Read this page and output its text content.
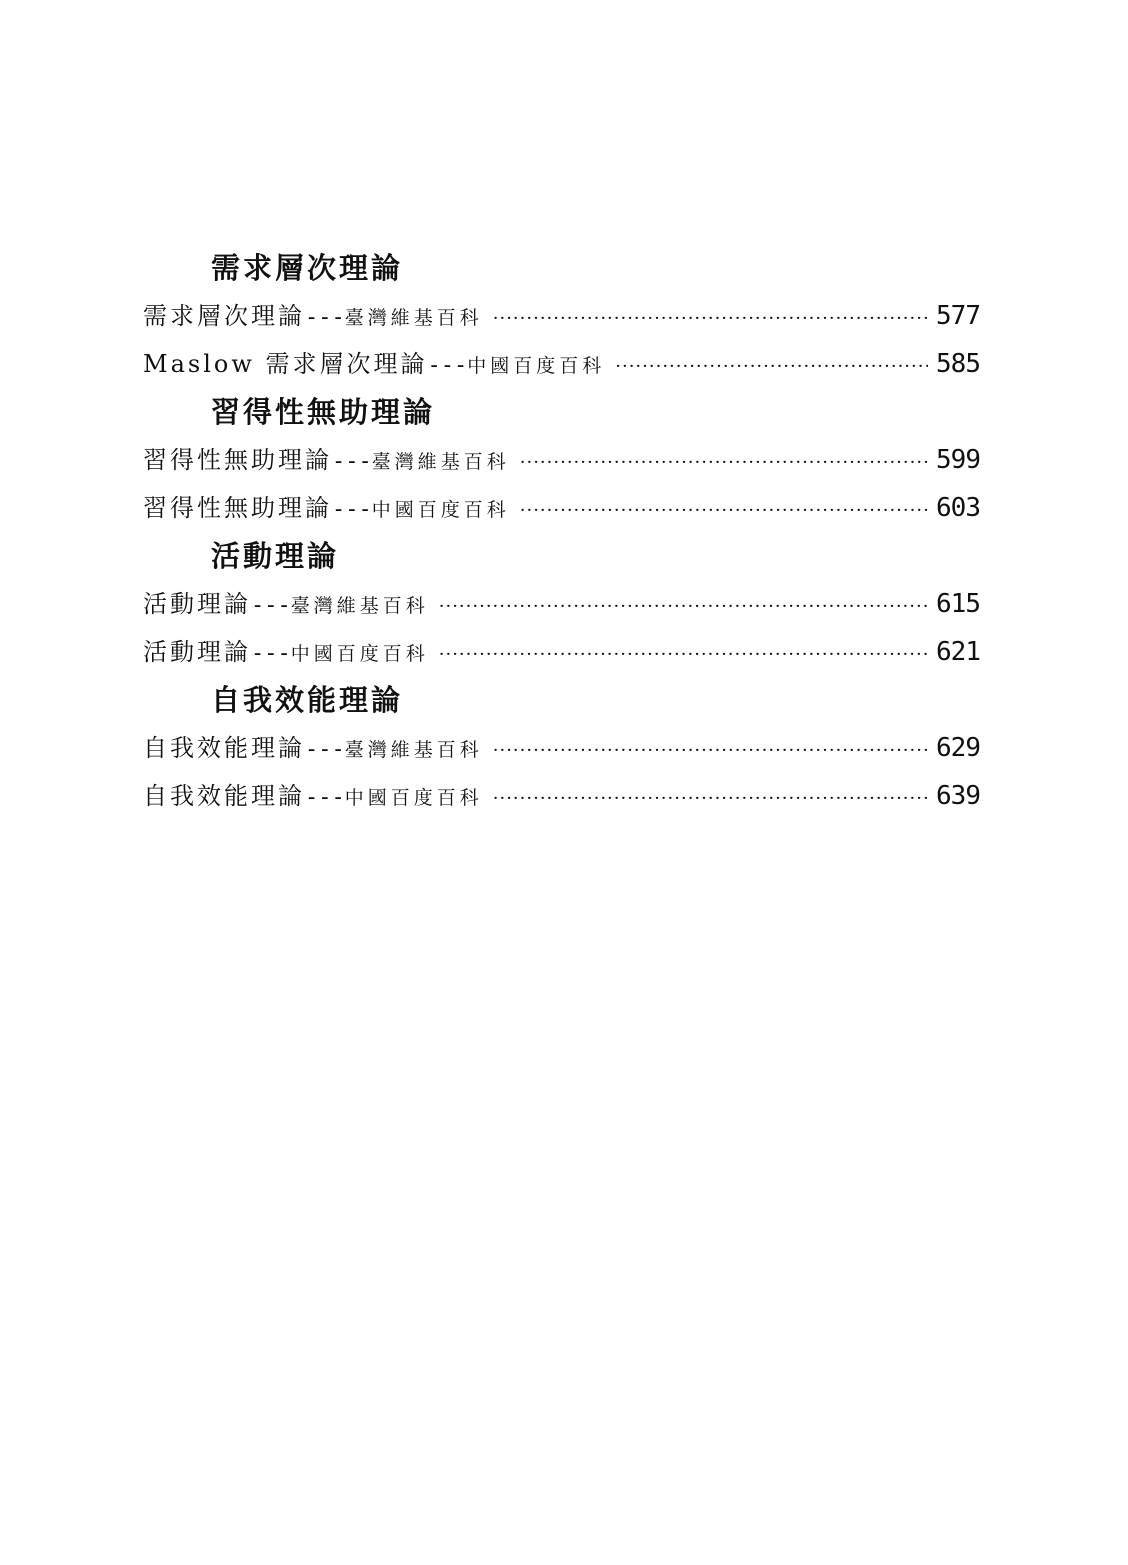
需求層次理論
需求層次理論---臺灣維基百科 ·····	577
Maslow 需求層次理論---中國百度百科 ·····	585
習得性無助理論
習得性無助理論---臺灣維基百科 ·····	599
習得性無助理論---中國百度百科 ·····	603
活動理論
活動理論---臺灣維基百科 ·····	615
活動理論---中國百度百科 ·····	621
自我效能理論
自我效能理論---臺灣維基百科 ·····	629
自我效能理論---中國百度百科 ·····	639
